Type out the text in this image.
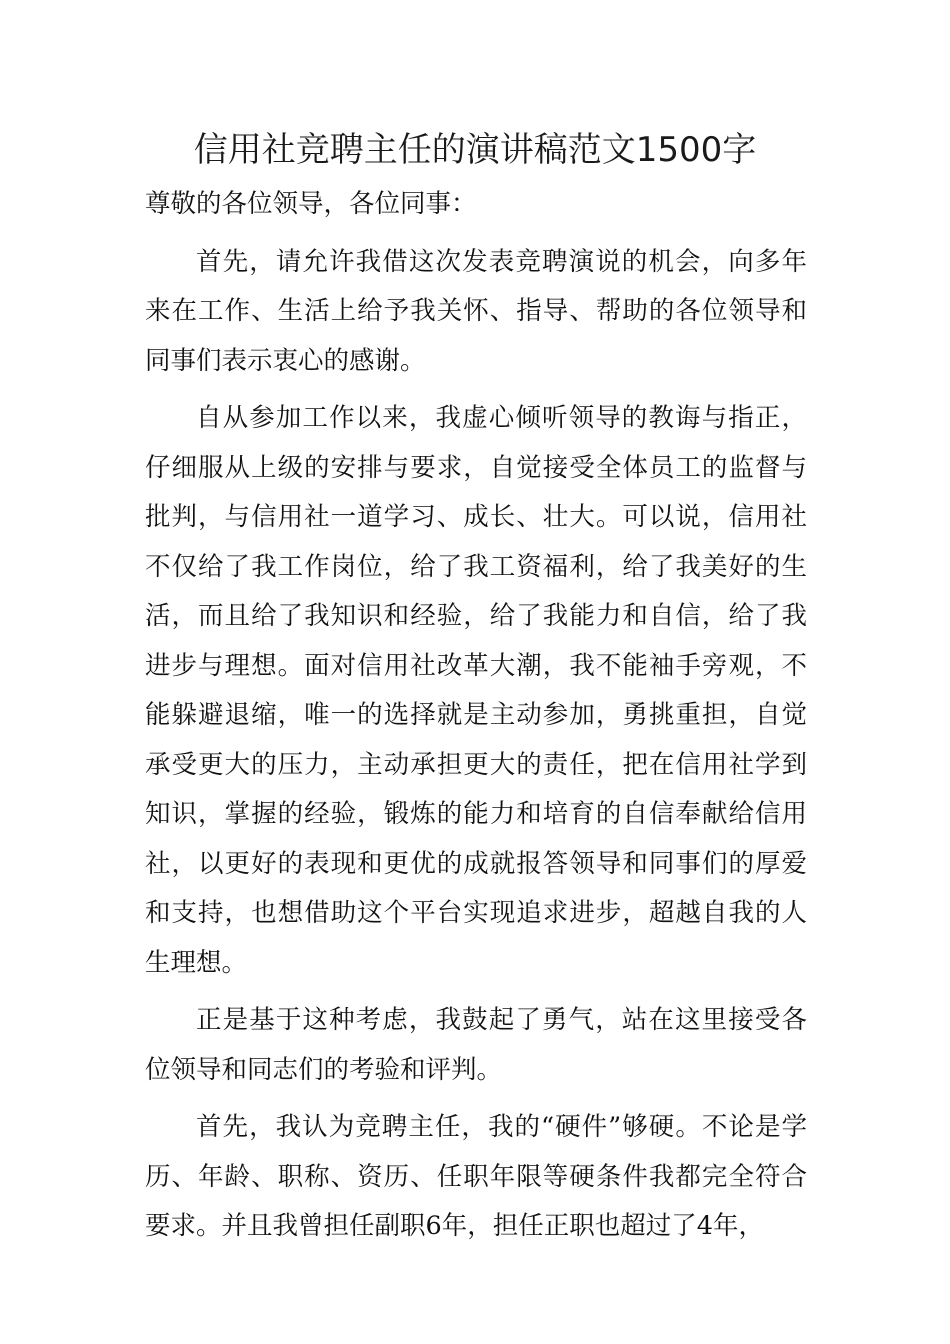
信用社竞聘主任的演讲稿范文1500字

尊敬的各位领导，各位同事：

首先，请允许我借这次发表竞聘演说的机会，向多年来在工作、生活上给予我关怀、指导、帮助的各位领导和同事们表示衷心的感谢。

自从参加工作以来，我虚心倾听领导的教诲与指正，仔细服从上级的安排与要求，自觉接受全体员工的监督与批判，与信用社一道学习、成长、壮大。可以说，信用社不仅给了我工作岗位，给了我工资福利，给了我美好的生活，而且给了我知识和经验，给了我能力和自信，给了我进步与理想。面对信用社改革大潮，我不能袖手旁观，不能躲避退缩，唯一的选择就是主动参加，勇挑重担，自觉承受更大的压力，主动承担更大的责任，把在信用社学到知识，掌握的经验，锻炼的能力和培育的自信奉献给信用社，以更好的表现和更优的成就报答领导和同事们的厚爱和支持，也想借助这个平台实现追求进步，超越自我的人生理想。

正是基于这种考虑，我鼓起了勇气，站在这里接受各位领导和同志们的考验和评判。

首先，我认为竞聘主任，我的“硬件”够硬。不论是学历、年龄、职称、资历、任职年限等硬条件我都完全符合要求。并且我曾担任副职6年，担任正职也超过了4年，
